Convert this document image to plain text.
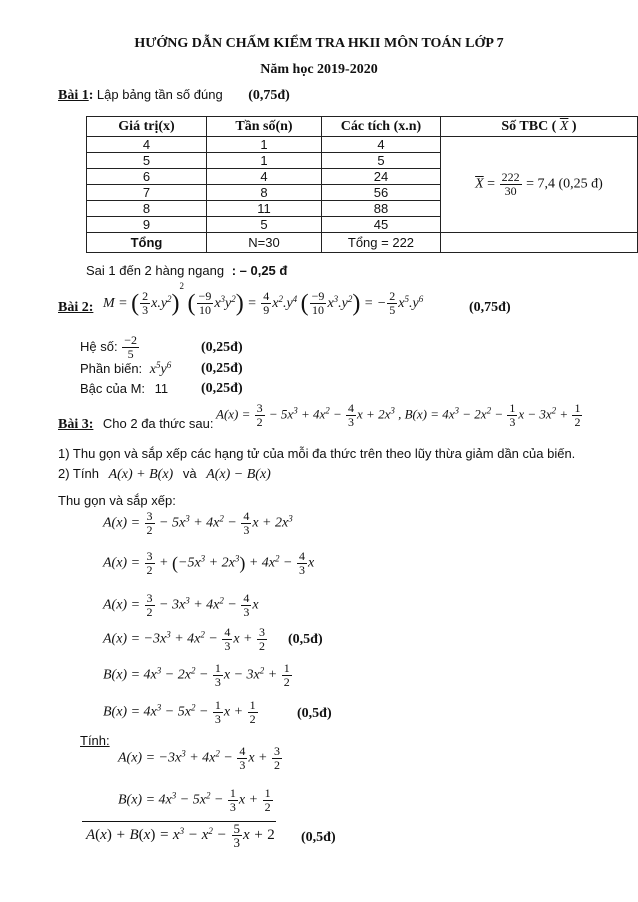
HƯỚNG DẪN CHẤM KIỂM TRA HKII MÔN TOÁN LỚP 7
Năm học 2019-2020
Bài 1: Lập bảng tần số đúng (0,75đ)
Giá trị(x)	Tần số(n)	Các tích (x.n)	Số TBC ( $\overline{X}$ )
4	1	4	$\overline{X} = \frac{222}{30} = 7,4$ (0,25 đ)
5	1	5	
6	4	24	
7	8	56	
8	11	88	
9	5	45	
Tổng	N=30	Tổng = 222	
Sai 1 đến 2 hàng ngang : – 0,25 đ
Bài 2: M = ( $\frac{2}{3} x.y^2)^2$ ( $\frac{-9}{10} x^3y^2) = \frac{4}{9} x^2.y^4$ ( $\frac{-9}{10} x^3.y^2$) = − $\frac{2}{5} x^5.y^6$
(0,75đ)
Hệ số: $\frac{-2}{5}$	(0,25đ)
Phần biến: $x^5y^6$ (0,25đ)
Bậc của M: 11 (0,25đ)
Bài 3: Cho 2 đa thức sau:
$A(x) = \frac{3}{2} - 5x^3 + 4x^2 - \frac{4}{3}$ $x + 2x^3$ , $B(x) = 4x^3 - 2x^2 - \frac{1}{3}$ $x - 3x^2 + \frac{1}{2}$
1) Thu gọn và sắp xếp các hạng tử của mỗi đa thức trên theo lũy thừa giảm dần của biến.
2) Tính A(x) + B(x) và A(x) − B(x)
Thu gọn và sắp xếp:
$A(x) = \frac{3}{2} - 5x^3 + 4x^2 - \frac{4}{3}$ $x + 2x^3$
$A(x) = \frac{3}{2} + (-5x^3 + 2x^3) + 4x^2 - \frac{4}{3}$ x
$A(x) = \frac{3}{2} - 3x^3 + 4x^2 - \frac{4}{3}$ x
$A(x) = -3x^3 + 4x^2 - \frac{4}{3}$ $x + \frac{3}{2}$ (0,5đ)
$B(x) = 4x^3 - 2x^2 - \frac{1}{3}$ $x - 3x^2 + \frac{1}{2}$
$B(x) = 4x^3 - 5x^2 - \frac{1}{3}$ $x + \frac{1}{2}$	(0,5đ)
Tính:
$A(x) = -3x^3 + 4x^2 - \frac{4}{3}$ $x + \frac{3}{2}$
$B(x) = 4x^3 - 5x^2 - \frac{1}{3}$ $x + \frac{1}{2}$
$A(x) + B(x) = x^3 - x^2 - \frac{5}{3}$ x + 2 (0,5đ)
